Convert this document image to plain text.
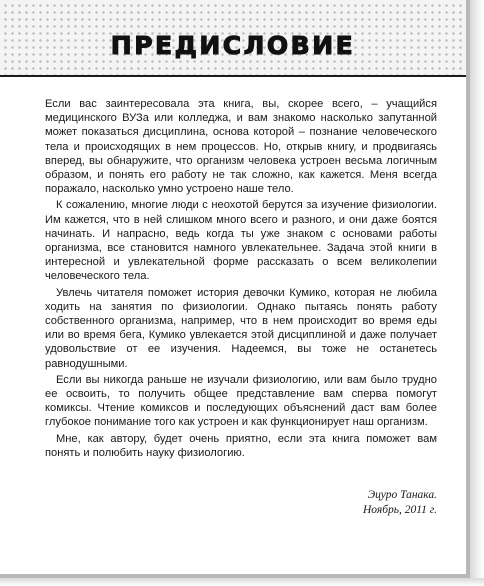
ПРЕДИСЛОВИЕ

Если вас заинтересовала эта книга, вы, скорее всего, – учащийся медицинского ВУЗа или колледжа, и вам знакомо насколько запутанной может показаться дисциплина, основа которой – познание человеческого тела и происходящих в нем процессов. Но, открыв книгу, и продвигаясь вперед, вы обнаружите, что организм человека устроен весьма логичным образом, и понять его работу не так сложно, как кажется. Меня всегда поражало, насколько умно устроено наше тело.

К сожалению, многие люди с неохотой берутся за изучение физиологии. Им кажется, что в ней слишком много всего и разного, и они даже боятся начинать. И напрасно, ведь когда ты уже знаком с основами работы организма, все становится намного увлекательнее. Задача этой книги в интересной и увлекательной форме рассказать о всем великолепии человеческого тела.

Увлечь читателя поможет история девочки Кумико, которая не любила ходить на занятия по физиологии. Однако пытаясь понять работу собственного организма, например, что в нем происходит во время еды или во время бега, Кумико увлекается этой дисциплиной и даже получает удовольствие от ее изучения. Надеемся, вы тоже не останетесь равнодушными.

Если вы никогда раньше не изучали физиологию, или вам было трудно ее освоить, то получить общее представление вам сперва помогут комиксы. Чтение комиксов и последующих объяснений даст вам более глубокое понимание того как устроен и как функционирует наш организм.

Мне, как автору, будет очень приятно, если эта книга поможет вам понять и полюбить науку физиологию.

Эцуро Танака.
Ноябрь, 2011 г.
